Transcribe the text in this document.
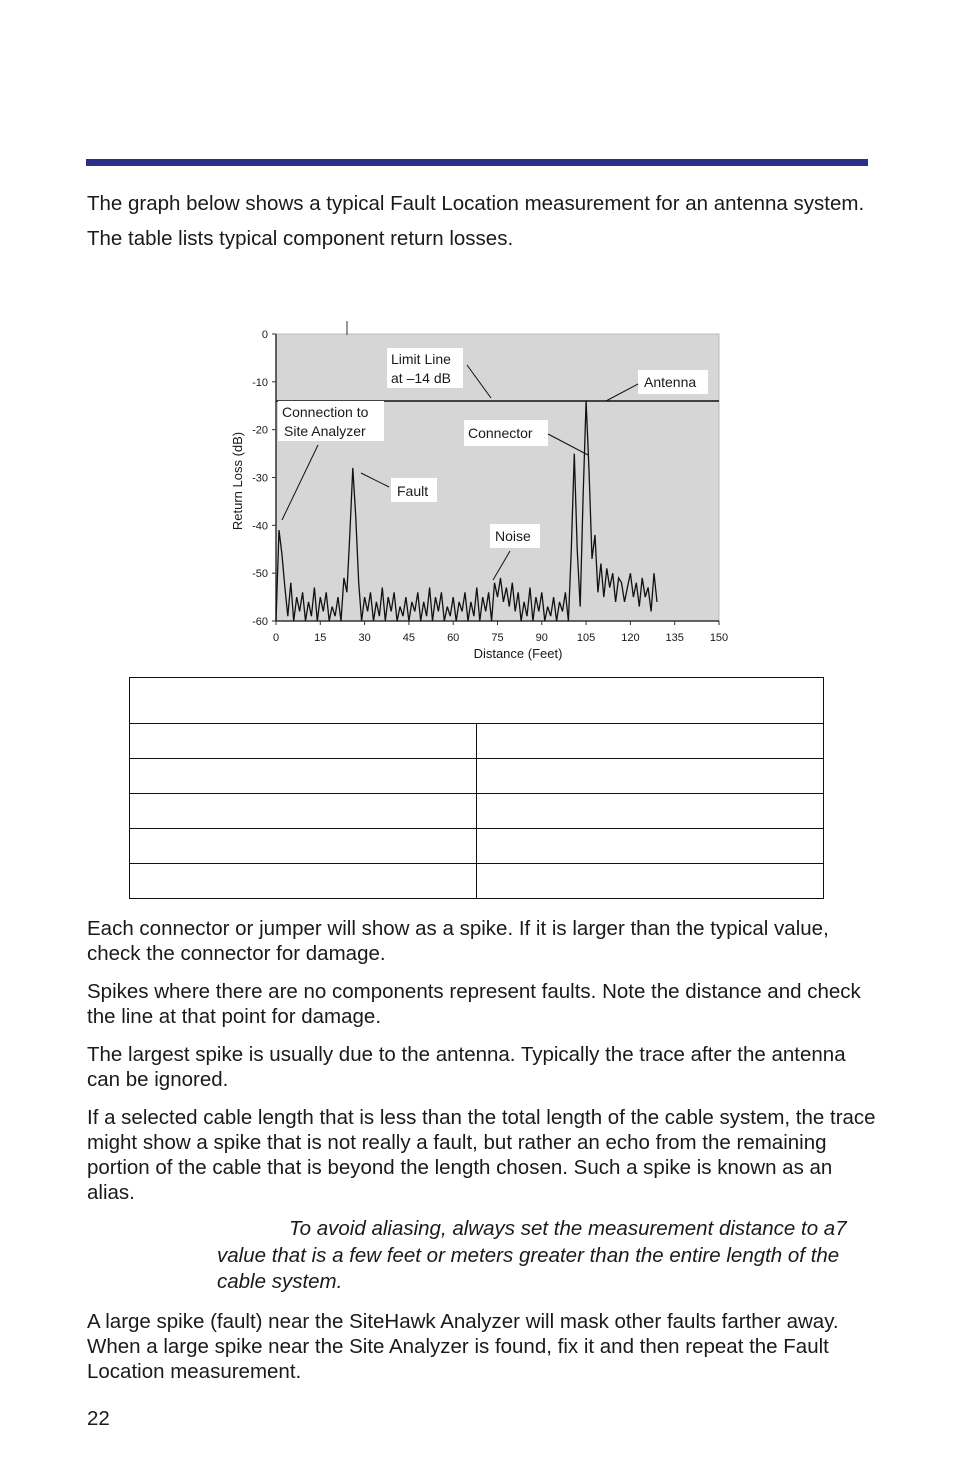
The graph below shows a typical Fault Location measurement for an antenna system. The table lists typical component return losses.
0
-10
-20
-30
-40
-50
-60
0	15	30	45	60	75	90	105 120 135 150
Return Loss (dB)
Distance (Feet)
Limit Line
at –14 dB	Antenna
Connection to
Site Analyzer	Connector
Fault
Noise

Each connector or jumper will show as a spike. If it is larger than the typical value, check the connector for damage.

Spikes where there are no components represent faults. Note the distance and check the line at that point for damage.

The largest spike is usually due to the antenna. Typically the trace after the antenna can be ignored.

If a selected cable length that is less than the total length of the cable system, the trace might show a spike that is not really a fault, but rather an echo from the remaining portion of the cable that is beyond the length chosen. Such a spike is known as an alias.

To avoid aliasing, always set the measurement distance to a7 value that is a few feet or meters greater than the entire length of the cable system.

A large spike (fault) near the SiteHawk Analyzer will mask other faults farther away. When a large spike near the Site Analyzer is found, fix it and then repeat the Fault Location measurement.

22
